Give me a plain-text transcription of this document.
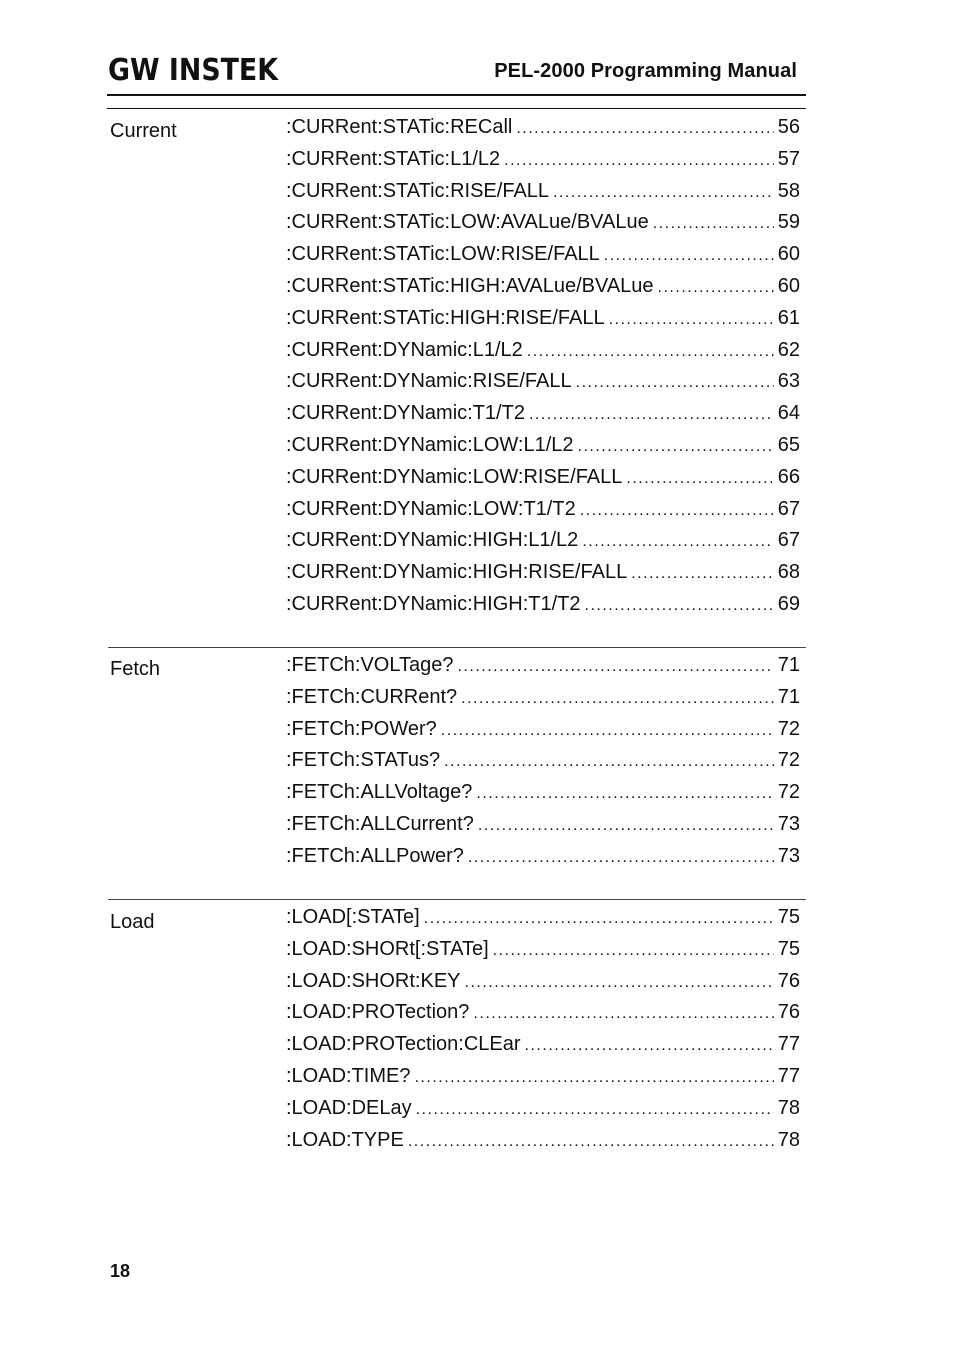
GW INSTEK	PEL-2000 Programming Manual
Current	:CURRent:STATic:RECall .....	56
:CURRent:STATic:L1/L2 .....	57
:CURRent:STATic:RISE/FALL .....	58
:CURRent:STATic:LOW:AVALue/BVALue .....	59
:CURRent:STATic:LOW:RISE/FALL .....	60
:CURRent:STATic:HIGH:AVALue/BVALue .....	60
:CURRent:STATic:HIGH:RISE/FALL .....	61
:CURRent:DYNamic:L1/L2 .....	62
:CURRent:DYNamic:RISE/FALL .....	63
:CURRent:DYNamic:T1/T2 .....	64
:CURRent:DYNamic:LOW:L1/L2 .....	65
:CURRent:DYNamic:LOW:RISE/FALL .....	66
:CURRent:DYNamic:LOW:T1/T2 .....	67
:CURRent:DYNamic:HIGH:L1/L2 .....	67
:CURRent:DYNamic:HIGH:RISE/FALL .....	68
:CURRent:DYNamic:HIGH:T1/T2 .....	69
Fetch	:FETCh:VOLTage? .....	71
:FETCh:CURRent? .....	71
:FETCh:POWer? .....	72
:FETCh:STATus? .....	72
:FETCh:ALLVoltage? .....	72
:FETCh:ALLCurrent? .....	73
:FETCh:ALLPower? .....	73
Load	:LOAD[:STATe] .....	75
:LOAD:SHORt[:STATe] .....	75
:LOAD:SHORt:KEY .....	76
:LOAD:PROTection? .....	76
:LOAD:PROTection:CLEar .....	77
:LOAD:TIME? .....	77
:LOAD:DELay .....	78
:LOAD:TYPE .....	78
18
